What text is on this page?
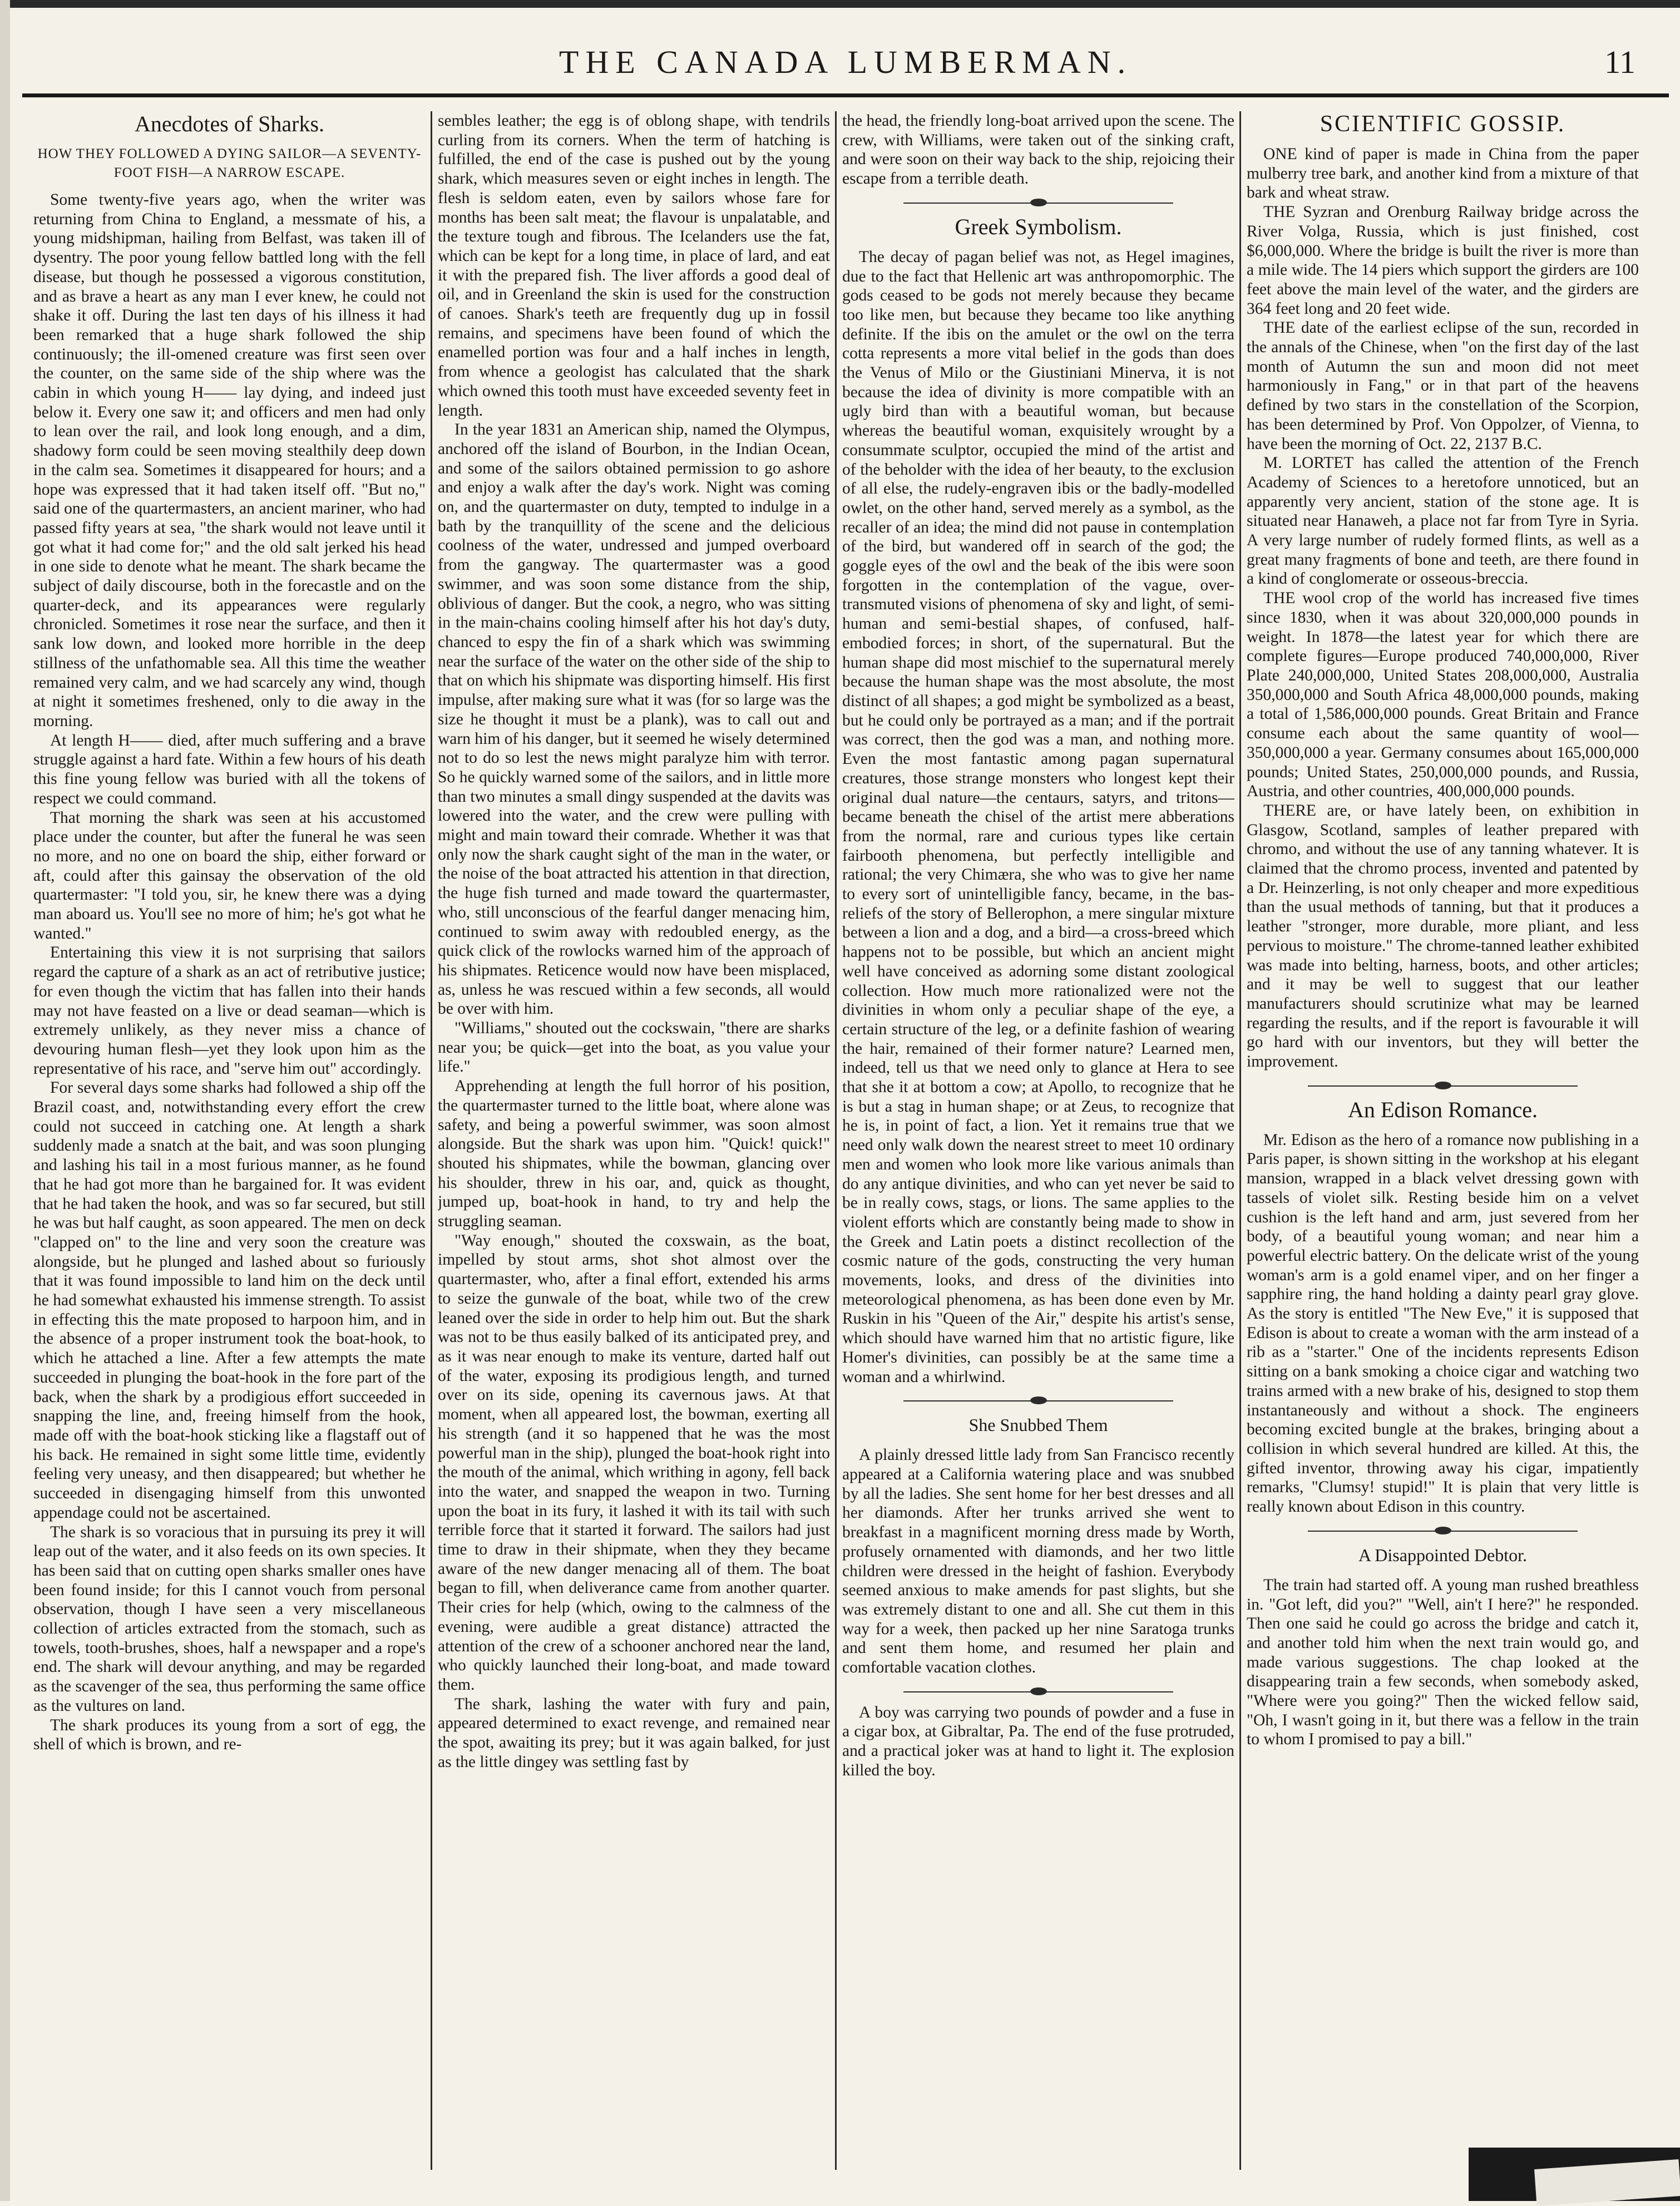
THE CANADA LUMBERMAN.	11
Anecdotes of Sharks.
HOW THEY FOLLOWED A DYING SAILOR—A SEVENTY-FOOT FISH—A NARROW ESCAPE.

Some twenty-five years ago, when the writer was returning from China to England, a messmate of his, a young midshipman, hailing from Belfast, was taken ill of dysentry. The poor young fellow battled long with the fell disease, but though he possessed a vigorous constitution, and as brave a heart as any man I ever knew, he could not shake it off. During the last ten days of his illness it had been remarked that a huge shark followed the ship continuously; the ill-omened creature was first seen over the counter, on the same side of the ship where was the cabin in which young H—— lay dying, and indeed just below it. Every one saw it; and officers and men had only to lean over the rail, and look long enough, and a dim, shadowy form could be seen moving stealthily deep down in the calm sea. Sometimes it disappeared for hours; and a hope was expressed that it had taken itself off. "But no," said one of the quartermasters, an ancient mariner, who had passed fifty years at sea, "the shark would not leave until it got what it had come for;" and the old salt jerked his head in one side to denote what he meant. The shark became the subject of daily discourse, both in the forecastle and on the quarter-deck, and its appearances were regularly chronicled. Sometimes it rose near the surface, and then it sank low down, and looked more horrible in the deep stillness of the unfathomable sea. All this time the weather remained very calm, and we had scarcely any wind, though at night it sometimes freshened, only to die away in the morning.

At length H—— died, after much suffering and a brave struggle against a hard fate. Within a few hours of his death this fine young fellow was buried with all the tokens of respect we could command.

That morning the shark was seen at his accustomed place under the counter, but after the funeral he was seen no more, and no one on board the ship, either forward or aft, could after this gainsay the observation of the old quartermaster: "I told you, sir, he knew there was a dying man aboard us. You'll see no more of him; he's got what he wanted."

Entertaining this view it is not surprising that sailors regard the capture of a shark as an act of retributive justice; for even though the victim that has fallen into their hands may not have feasted on a live or dead seaman—which is extremely unlikely, as they never miss a chance of devouring human flesh—yet they look upon him as the representative of his race, and "serve him out" accordingly.

For several days some sharks had followed a ship off the Brazil coast, and, notwithstanding every effort the crew could not succeed in catching one. At length a shark suddenly made a snatch at the bait, and was soon plunging and lashing his tail in a most furious manner, as he found that he had got more than he bargained for. It was evident that he had taken the hook, and was so far secured, but still he was but half caught, as soon appeared. The men on deck "clapped on" to the line and very soon the creature was alongside, but he plunged and lashed about so furiously that it was found impossible to land him on the deck until he had somewhat exhausted his immense strength. To assist in effecting this the mate proposed to harpoon him, and in the absence of a proper instrument took the boat-hook, to which he attached a line. After a few attempts the mate succeeded in plunging the boat-hook in the fore part of the back, when the shark by a prodigious effort succeeded in snapping the line, and, freeing himself from the hook, made off with the boat-hook sticking like a flagstaff out of his back. He remained in sight some little time, evidently feeling very uneasy, and then disappeared; but whether he succeeded in disengaging himself from this unwonted appendage could not be ascertained.

The shark is so voracious that in pursuing its prey it will leap out of the water, and it also feeds on its own species. It has been said that on cutting open sharks smaller ones have been found inside; for this I cannot vouch from personal observation, though I have seen a very miscellaneous collection of articles extracted from the stomach, such as towels, tooth-brushes, shoes, half a newspaper and a rope's end. The shark will devour anything, and may be regarded as the scavenger of the sea, thus performing the same office as the vultures on land.

The shark produces its young from a sort of egg, the shell of which is brown, and re-

sembles leather; the egg is of oblong shape, with tendrils curling from its corners. When the term of hatching is fulfilled, the end of the case is pushed out by the young shark, which measures seven or eight inches in length. The flesh is seldom eaten, even by sailors whose fare for months has been salt meat; the flavour is unpalatable, and the texture tough and fibrous. The Icelanders use the fat, which can be kept for a long time, in place of lard, and eat it with the prepared fish. The liver affords a good deal of oil, and in Greenland the skin is used for the construction of canoes. Shark's teeth are frequently dug up in fossil remains, and specimens have been found of which the enamelled portion was four and a half inches in length, from whence a geologist has calculated that the shark which owned this tooth must have exceeded seventy feet in length.

In the year 1831 an American ship, named the Olympus, anchored off the island of Bourbon, in the Indian Ocean, and some of the sailors obtained permission to go ashore and enjoy a walk after the day's work. Night was coming on, and the quartermaster on duty, tempted to indulge in a bath by the tranquillity of the scene and the delicious coolness of the water, undressed and jumped overboard from the gangway. The quartermaster was a good swimmer, and was soon some distance from the ship, oblivious of danger. But the cook, a negro, who was sitting in the main-chains cooling himself after his hot day's duty, chanced to espy the fin of a shark which was swimming near the surface of the water on the other side of the ship to that on which his shipmate was disporting himself. His first impulse, after making sure what it was (for so large was the size he thought it must be a plank), was to call out and warn him of his danger, but it seemed he wisely determined not to do so lest the news might paralyze him with terror. So he quickly warned some of the sailors, and in little more than two minutes a small dingy suspended at the davits was lowered into the water, and the crew were pulling with might and main toward their comrade. Whether it was that only now the shark caught sight of the man in the water, or the noise of the boat attracted his attention in that direction, the huge fish turned and made toward the quartermaster, who, still unconscious of the fearful danger menacing him, continued to swim away with redoubled energy, as the quick click of the rowlocks warned him of the approach of his shipmates. Reticence would now have been misplaced, as, unless he was rescued within a few seconds, all would be over with him.

"Williams," shouted out the cockswain, "there are sharks near you; be quick—get into the boat, as you value your life."

Apprehending at length the full horror of his position, the quartermaster turned to the little boat, where alone was safety, and being a powerful swimmer, was soon almost alongside. But the shark was upon him. "Quick! quick!" shouted his shipmates, while the bowman, glancing over his shoulder, threw in his oar, and, quick as thought, jumped up, boat-hook in hand, to try and help the struggling seaman.

"Way enough," shouted the coxswain, as the boat, impelled by stout arms, shot shot almost over the quartermaster, who, after a final effort, extended his arms to seize the gunwale of the boat, while two of the crew leaned over the side in order to help him out. But the shark was not to be thus easily balked of its anticipated prey, and as it was near enough to make its venture, darted half out of the water, exposing its prodigious length, and turned over on its side, opening its cavernous jaws. At that moment, when all appeared lost, the bowman, exerting all his strength (and it so happened that he was the most powerful man in the ship), plunged the boat-hook right into the mouth of the animal, which writhing in agony, fell back into the water, and snapped the weapon in two. Turning upon the boat in its fury, it lashed it with its tail with such terrible force that it started it forward. The sailors had just time to draw in their shipmate, when they they became aware of the new danger menacing all of them. The boat began to fill, when deliverance came from another quarter. Their cries for help (which, owing to the calmness of the evening, were audible a great distance) attracted the attention of the crew of a schooner anchored near the land, who quickly launched their long-boat, and made toward them.

The shark, lashing the water with fury and pain, appeared determined to exact revenge, and remained near the spot, awaiting its prey; but it was again balked, for just as the little dingey was settling fast by

the head, the friendly long-boat arrived upon the scene. The crew, with Williams, were taken out of the sinking craft, and were soon on their way back to the ship, rejoicing their escape from a terrible death.

Greek Symbolism.

The decay of pagan belief was not, as Hegel imagines, due to the fact that Hellenic art was anthropomorphic. The gods ceased to be gods not merely because they became too like men, but because they became too like anything definite. If the ibis on the amulet or the owl on the terra cotta represents a more vital belief in the gods than does the Venus of Milo or the Giustiniani Minerva, it is not because the idea of divinity is more compatible with an ugly bird than with a beautiful woman, but because whereas the beautiful woman, exquisitely wrought by a consummate sculptor, occupied the mind of the artist and of the beholder with the idea of her beauty, to the exclusion of all else, the rudely-engraven ibis or the badly-modelled owlet, on the other hand, served merely as a symbol, as the recaller of an idea; the mind did not pause in contemplation of the bird, but wandered off in search of the god; the goggle eyes of the owl and the beak of the ibis were soon forgotten in the contemplation of the vague, over-transmuted visions of phenomena of sky and light, of semi-human and semi-bestial shapes, of confused, half-embodied forces; in short, of the supernatural. But the human shape did most mischief to the supernatural merely because the human shape was the most absolute, the most distinct of all shapes; a god might be symbolized as a beast, but he could only be portrayed as a man; and if the portrait was correct, then the god was a man, and nothing more. Even the most fantastic among pagan supernatural creatures, those strange monsters who longest kept their original dual nature—the centaurs, satyrs, and tritons—became beneath the chisel of the artist mere abberations from the normal, rare and curious types like certain fairbooth phenomena, but perfectly intelligible and rational; the very Chimæra, she who was to give her name to every sort of unintelligible fancy, became, in the bas-reliefs of the story of Bellerophon, a mere singular mixture between a lion and a dog, and a bird—a cross-breed which happens not to be possible, but which an ancient might well have conceived as adorning some distant zoological collection. How much more rationalized were not the divinities in whom only a peculiar shape of the eye, a certain structure of the leg, or a definite fashion of wearing the hair, remained of their former nature? Learned men, indeed, tell us that we need only to glance at Hera to see that she it at bottom a cow; at Apollo, to recognize that he is but a stag in human shape; or at Zeus, to recognize that he is, in point of fact, a lion. Yet it remains true that we need only walk down the nearest street to meet 10 ordinary men and women who look more like various animals than do any antique divinities, and who can yet never be said to be in really cows, stags, or lions. The same applies to the violent efforts which are constantly being made to show in the Greek and Latin poets a distinct recollection of the cosmic nature of the gods, constructing the very human movements, looks, and dress of the divinities into meteorological phenomena, as has been done even by Mr. Ruskin in his "Queen of the Air," despite his artist's sense, which should have warned him that no artistic figure, like Homer's divinities, can possibly be at the same time a woman and a whirlwind.

She Snubbed Them

A plainly dressed little lady from San Francisco recently appeared at a California watering place and was snubbed by all the ladies. She sent home for her best dresses and all her diamonds. After her trunks arrived she went to breakfast in a magnificent morning dress made by Worth, profusely ornamented with diamonds, and her two little children were dressed in the height of fashion. Everybody seemed anxious to make amends for past slights, but she was extremely distant to one and all. She cut them in this way for a week, then packed up her nine Saratoga trunks and sent them home, and resumed her plain and comfortable vacation clothes.

A boy was carrying two pounds of powder and a fuse in a cigar box, at Gibraltar, Pa. The end of the fuse protruded, and a practical joker was at hand to light it. The explosion killed the boy.

SCIENTIFIC GOSSIP.

ONE kind of paper is made in China from the paper mulberry tree bark, and another kind from a mixture of that bark and wheat straw.

THE Syzran and Orenburg Railway bridge across the River Volga, Russia, which is just finished, cost $6,000,000. Where the bridge is built the river is more than a mile wide. The 14 piers which support the girders are 100 feet above the main level of the water, and the girders are 364 feet long and 20 feet wide.

THE date of the earliest eclipse of the sun, recorded in the annals of the Chinese, when "on the first day of the last month of Autumn the sun and moon did not meet harmoniously in Fang," or in that part of the heavens defined by two stars in the constellation of the Scorpion, has been determined by Prof. Von Oppolzer, of Vienna, to have been the morning of Oct. 22, 2137 B.C.

M. LORTET has called the attention of the French Academy of Sciences to a heretofore unnoticed, but an apparently very ancient, station of the stone age. It is situated near Hanaweh, a place not far from Tyre in Syria. A very large number of rudely formed flints, as well as a great many fragments of bone and teeth, are there found in a kind of conglomerate or osseous-breccia.

THE wool crop of the world has increased five times since 1830, when it was about 320,000,000 pounds in weight. In 1878—the latest year for which there are complete figures—Europe produced 740,000,000, River Plate 240,000,000, United States 208,000,000, Australia 350,000,000 and South Africa 48,000,000 pounds, making a total of 1,586,000,000 pounds. Great Britain and France consume each about the same quantity of wool—350,000,000 a year. Germany consumes about 165,000,000 pounds; United States, 250,000,000 pounds, and Russia, Austria, and other countries, 400,000,000 pounds.

THERE are, or have lately been, on exhibition in Glasgow, Scotland, samples of leather prepared with chromo, and without the use of any tanning whatever. It is claimed that the chromo process, invented and patented by a Dr. Heinzerling, is not only cheaper and more expeditious than the usual methods of tanning, but that it produces a leather "stronger, more durable, more pliant, and less pervious to moisture." The chrome-tanned leather exhibited was made into belting, harness, boots, and other articles; and it may be well to suggest that our leather manufacturers should scrutinize what may be learned regarding the results, and if the report is favourable it will go hard with our inventors, but they will better the improvement.

An Edison Romance.

Mr. Edison as the hero of a romance now publishing in a Paris paper, is shown sitting in the workshop at his elegant mansion, wrapped in a black velvet dressing gown with tassels of violet silk. Resting beside him on a velvet cushion is the left hand and arm, just severed from her body, of a beautiful young woman; and near him a powerful electric battery. On the delicate wrist of the young woman's arm is a gold enamel viper, and on her finger a sapphire ring, the hand holding a dainty pearl gray glove. As the story is entitled "The New Eve," it is supposed that Edison is about to create a woman with the arm instead of a rib as a "starter." One of the incidents represents Edison sitting on a bank smoking a choice cigar and watching two trains armed with a new brake of his, designed to stop them instantaneously and without a shock. The engineers becoming excited bungle at the brakes, bringing about a collision in which several hundred are killed. At this, the gifted inventor, throwing away his cigar, impatiently remarks, "Clumsy! stupid!" It is plain that very little is really known about Edison in this country.

A Disappointed Debtor.

The train had started off. A young man rushed breathless in. "Got left, did you?" "Well, ain't I here?" he responded. Then one said he could go across the bridge and catch it, and another told him when the next train would go, and made various suggestions. The chap looked at the disappearing train a few seconds, when somebody asked, "Where were you going?" Then the wicked fellow said, "Oh, I wasn't going in it, but there was a fellow in the train to whom I promised to pay a bill."
